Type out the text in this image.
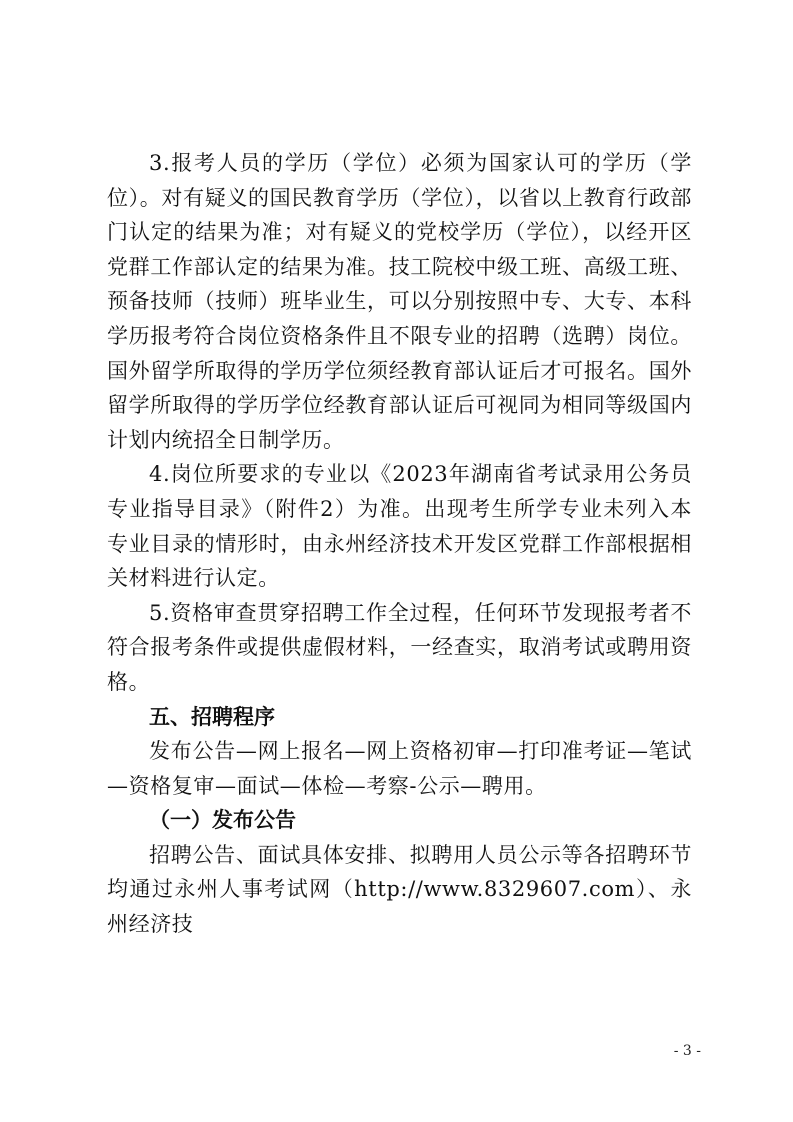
3.报考人员的学历（学位）必须为国家认可的学历（学位）。对有疑义的国民教育学历（学位），以省以上教育行政部门认定的结果为准；对有疑义的党校学历（学位），以经开区党群工作部认定的结果为准。技工院校中级工班、高级工班、预备技师（技师）班毕业生，可以分别按照中专、大专、本科学历报考符合岗位资格条件且不限专业的招聘（选聘）岗位。国外留学所取得的学历学位须经教育部认证后才可报名。国外留学所取得的学历学位经教育部认证后可视同为相同等级国内计划内统招全日制学历。

4.岗位所要求的专业以《2023年湖南省考试录用公务员专业指导目录》（附件2）为准。出现考生所学专业未列入本专业目录的情形时，由永州经济技术开发区党群工作部根据相关材料进行认定。

5.资格审查贯穿招聘工作全过程，任何环节发现报考者不符合报考条件或提供虚假材料，一经查实，取消考试或聘用资格。

五、招聘程序

发布公告—网上报名—网上资格初审—打印准考证—笔试—资格复审—面试—体检—考察-公示—聘用。

（一）发布公告

招聘公告、面试具体安排、拟聘用人员公示等各招聘环节均通过永州人事考试网（http://www.8329607.com）、永州经济技

- 3 -
